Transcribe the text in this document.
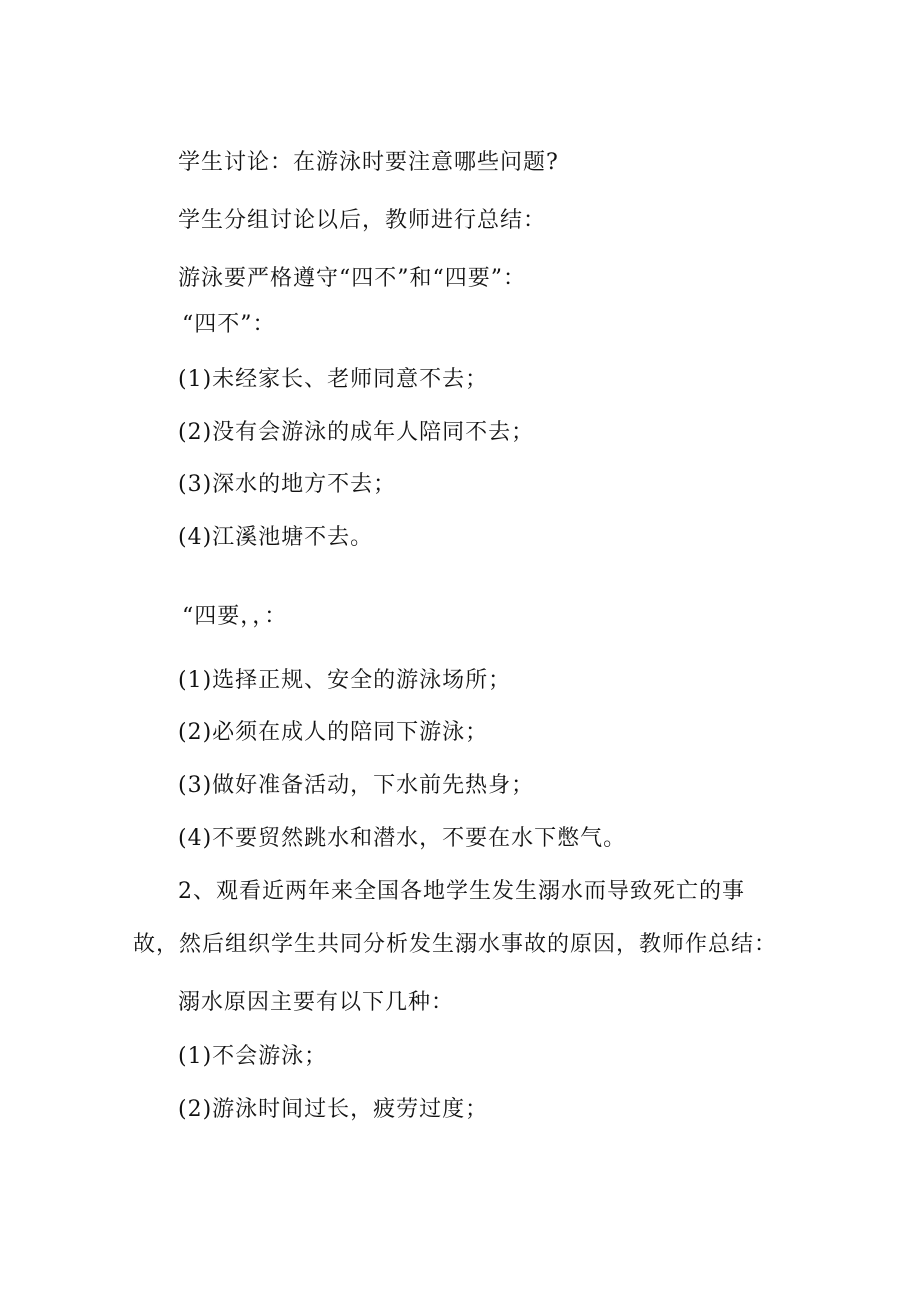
学生讨论：在游泳时要注意哪些问题?
学生分组讨论以后，教师进行总结：
游泳要严格遵守“四不”和“四要”：
“四不”：
(1)未经家长、老师同意不去；
(2)没有会游泳的成年人陪同不去；
(3)深水的地方不去；
(4)江溪池塘不去。
“四要，，：
(1)选择正规、安全的游泳场所；
(2)必须在成人的陪同下游泳；
(3)做好准备活动，下水前先热身；
(4)不要贸然跳水和潜水，不要在水下憋气。
2、观看近两年来全国各地学生发生溺水而导致死亡的事
故，然后组织学生共同分析发生溺水事故的原因，教师作总结：
溺水原因主要有以下几种：
(1)不会游泳；
(2)游泳时间过长，疲劳过度；
